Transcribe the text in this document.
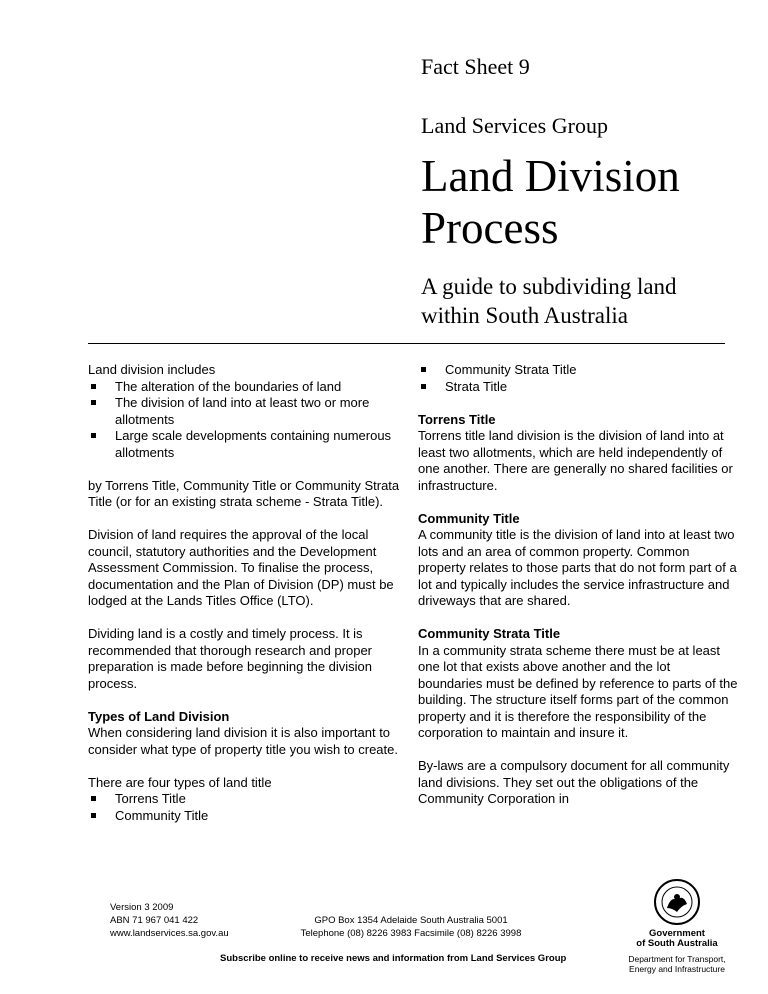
Fact Sheet 9
Land Services Group
Land Division
Process
A guide to subdividing land
within South Australia

Land division includes

The alteration of the boundaries of land
The division of land into at least two or more allotments
Large scale developments containing numerous allotments

by Torrens Title, Community Title or Community Strata Title (or for an existing strata scheme - Strata Title).

Division of land requires the approval of the local council, statutory authorities and the Development Assessment Commission. To finalise the process, documentation and the Plan of Division (DP) must be lodged at the Lands Titles Office (LTO).

Dividing land is a costly and timely process. It is recommended that thorough research and proper preparation is made before beginning the division process.

Types of Land Division

When considering land division it is also important to consider what type of property title you wish to create.

There are four types of land title

Torrens Title
Community Title
Community Strata Title
Strata Title
Torrens Title

Torrens title land division is the division of land into at least two allotments, which are held independently of one another. There are generally no shared facilities or infrastructure.

Community Title

A community title is the division of land into at least two lots and an area of common property. Common property relates to those parts that do not form part of a lot and typically includes the service infrastructure and driveways that are shared.

Community Strata Title

In a community strata scheme there must be at least one lot that exists above another and the lot boundaries must be defined by reference to parts of the building. The structure itself forms part of the common property and it is therefore the responsibility of the corporation to maintain and insure it.

By-laws are a compulsory document for all community land divisions. They set out the obligations of the Community Corporation in

Version 3 2009
ABN 71 967 041 422
www.landservices.sa.gov.au
GPO Box 1354 Adelaide South Australia 5001
Telephone (08) 8226 3983 Facsimile (08) 8226 3998
Subscribe online to receive news and information from Land Services Group
Government
of South Australia
Department for Transport,
Energy and Infrastructure
